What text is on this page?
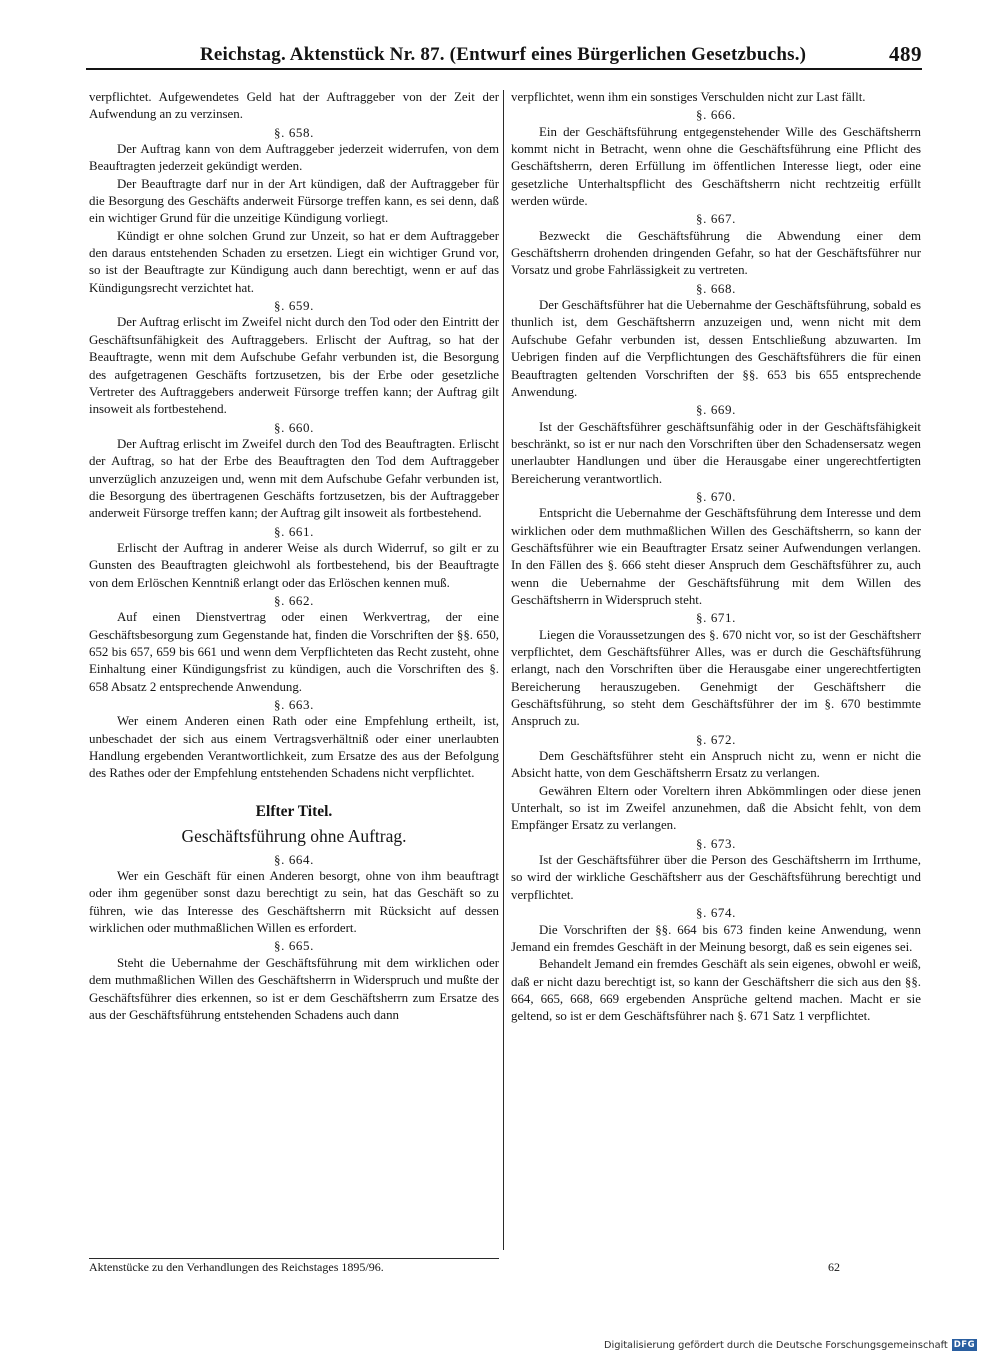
Reichstag. Aktenstück Nr. 87. (Entwurf eines Bürgerlichen Gesetzbuchs.)	489

verpflichtet. Aufgewendetes Geld hat der Auftraggeber von der Zeit der Aufwendung an zu verzinsen.

§. 658.

Der Auftrag kann von dem Auftraggeber jederzeit widerrufen, von dem Beauftragten jederzeit gekündigt werden.

Der Beauftragte darf nur in der Art kündigen, daß der Auftraggeber für die Besorgung des Geschäfts anderweit Fürsorge treffen kann, es sei denn, daß ein wichtiger Grund für die unzeitige Kündigung vorliegt.

Kündigt er ohne solchen Grund zur Unzeit, so hat er dem Auftraggeber den daraus entstehenden Schaden zu ersetzen. Liegt ein wichtiger Grund vor, so ist der Beauftragte zur Kündigung auch dann berechtigt, wenn er auf das Kündigungsrecht verzichtet hat.

§. 659.

Der Auftrag erlischt im Zweifel nicht durch den Tod oder den Eintritt der Geschäftsunfähigkeit des Auftraggebers. Erlischt der Auftrag, so hat der Beauftragte, wenn mit dem Aufschube Gefahr verbunden ist, die Besorgung des aufgetragenen Geschäfts fortzusetzen, bis der Erbe oder gesetzliche Vertreter des Auftraggebers anderweit Fürsorge treffen kann; der Auftrag gilt insoweit als fortbestehend.

§. 660.

Der Auftrag erlischt im Zweifel durch den Tod des Beauftragten. Erlischt der Auftrag, so hat der Erbe des Beauftragten den Tod dem Auftraggeber unverzüglich anzuzeigen und, wenn mit dem Aufschube Gefahr verbunden ist, die Besorgung des übertragenen Geschäfts fortzusetzen, bis der Auftraggeber anderweit Fürsorge treffen kann; der Auftrag gilt insoweit als fortbestehend.

§. 661.

Erlischt der Auftrag in anderer Weise als durch Widerruf, so gilt er zu Gunsten des Beauftragten gleichwohl als fortbestehend, bis der Beauftragte von dem Erlöschen Kenntniß erlangt oder das Erlöschen kennen muß.

§. 662.

Auf einen Dienstvertrag oder einen Werkvertrag, der eine Geschäftsbesorgung zum Gegenstande hat, finden die Vorschriften der §§. 650, 652 bis 657, 659 bis 661 und wenn dem Verpflichteten das Recht zusteht, ohne Einhaltung einer Kündigungsfrist zu kündigen, auch die Vorschriften des §. 658 Absatz 2 entsprechende Anwendung.

§. 663.

Wer einem Anderen einen Rath oder eine Empfehlung ertheilt, ist, unbeschadet der sich aus einem Vertragsverhältniß oder einer unerlaubten Handlung ergebenden Verantwortlichkeit, zum Ersatze des aus der Befolgung des Rathes oder der Empfehlung entstehenden Schadens nicht verpflichtet.

Elfter Titel.
Geschäftsführung ohne Auftrag.
§. 664.

Wer ein Geschäft für einen Anderen besorgt, ohne von ihm beauftragt oder ihm gegenüber sonst dazu berechtigt zu sein, hat das Geschäft so zu führen, wie das Interesse des Geschäftsherrn mit Rücksicht auf dessen wirklichen oder muthmaßlichen Willen es erfordert.

§. 665.

Steht die Uebernahme der Geschäftsführung mit dem wirklichen oder dem muthmaßlichen Willen des Geschäftsherrn in Widerspruch und mußte der Geschäftsführer dies erkennen, so ist er dem Geschäftsherrn zum Ersatze des aus der Geschäftsführung entstehenden Schadens auch dann

verpflichtet, wenn ihm ein sonstiges Verschulden nicht zur Last fällt.

§. 666.

Ein der Geschäftsführung entgegenstehender Wille des Geschäftsherrn kommt nicht in Betracht, wenn ohne die Geschäftsführung eine Pflicht des Geschäftsherrn, deren Erfüllung im öffentlichen Interesse liegt, oder eine gesetzliche Unterhaltspflicht des Geschäftsherrn nicht rechtzeitig erfüllt werden würde.

§. 667.

Bezweckt die Geschäftsführung die Abwendung einer dem Geschäftsherrn drohenden dringenden Gefahr, so hat der Geschäftsführer nur Vorsatz und grobe Fahrlässigkeit zu vertreten.

§. 668.

Der Geschäftsführer hat die Uebernahme der Geschäftsführung, sobald es thunlich ist, dem Geschäftsherrn anzuzeigen und, wenn nicht mit dem Aufschube Gefahr verbunden ist, dessen Entschließung abzuwarten. Im Uebrigen finden auf die Verpflichtungen des Geschäftsführers die für einen Beauftragten geltenden Vorschriften der §§. 653 bis 655 entsprechende Anwendung.

§. 669.

Ist der Geschäftsführer geschäftsunfähig oder in der Geschäftsfähigkeit beschränkt, so ist er nur nach den Vorschriften über den Schadensersatz wegen unerlaubter Handlungen und über die Herausgabe einer ungerechtfertigten Bereicherung verantwortlich.

§. 670.

Entspricht die Uebernahme der Geschäftsführung dem Interesse und dem wirklichen oder dem muthmaßlichen Willen des Geschäftsherrn, so kann der Geschäftsführer wie ein Beauftragter Ersatz seiner Aufwendungen verlangen. In den Fällen des §. 666 steht dieser Anspruch dem Geschäftsführer zu, auch wenn die Uebernahme der Geschäftsführung mit dem Willen des Geschäftsherrn in Widerspruch steht.

§. 671.

Liegen die Voraussetzungen des §. 670 nicht vor, so ist der Geschäftsherr verpflichtet, dem Geschäftsführer Alles, was er durch die Geschäftsführung erlangt, nach den Vorschriften über die Herausgabe einer ungerechtfertigten Bereicherung herauszugeben. Genehmigt der Geschäftsherr die Geschäftsführung, so steht dem Geschäftsführer der im §. 670 bestimmte Anspruch zu.

§. 672.

Dem Geschäftsführer steht ein Anspruch nicht zu, wenn er nicht die Absicht hatte, von dem Geschäftsherrn Ersatz zu verlangen.

Gewähren Eltern oder Voreltern ihren Abkömmlingen oder diese jenen Unterhalt, so ist im Zweifel anzunehmen, daß die Absicht fehlt, von dem Empfänger Ersatz zu verlangen.

§. 673.

Ist der Geschäftsführer über die Person des Geschäftsherrn im Irrthume, so wird der wirkliche Geschäftsherr aus der Geschäftsführung berechtigt und verpflichtet.

§. 674.

Die Vorschriften der §§. 664 bis 673 finden keine Anwendung, wenn Jemand ein fremdes Geschäft in der Meinung besorgt, daß es sein eigenes sei.

Behandelt Jemand ein fremdes Geschäft als sein eigenes, obwohl er weiß, daß er nicht dazu berechtigt ist, so kann der Geschäftsherr die sich aus den §§. 664, 665, 668, 669 ergebenden Ansprüche geltend machen. Macht er sie geltend, so ist er dem Geschäftsführer nach §. 671 Satz 1 verpflichtet.

Aktenstücke zu den Verhandlungen des Reichstages 1895/96.	62
Digitalisierung gefördert durch die Deutsche Forschungsgemeinschaft DFG
